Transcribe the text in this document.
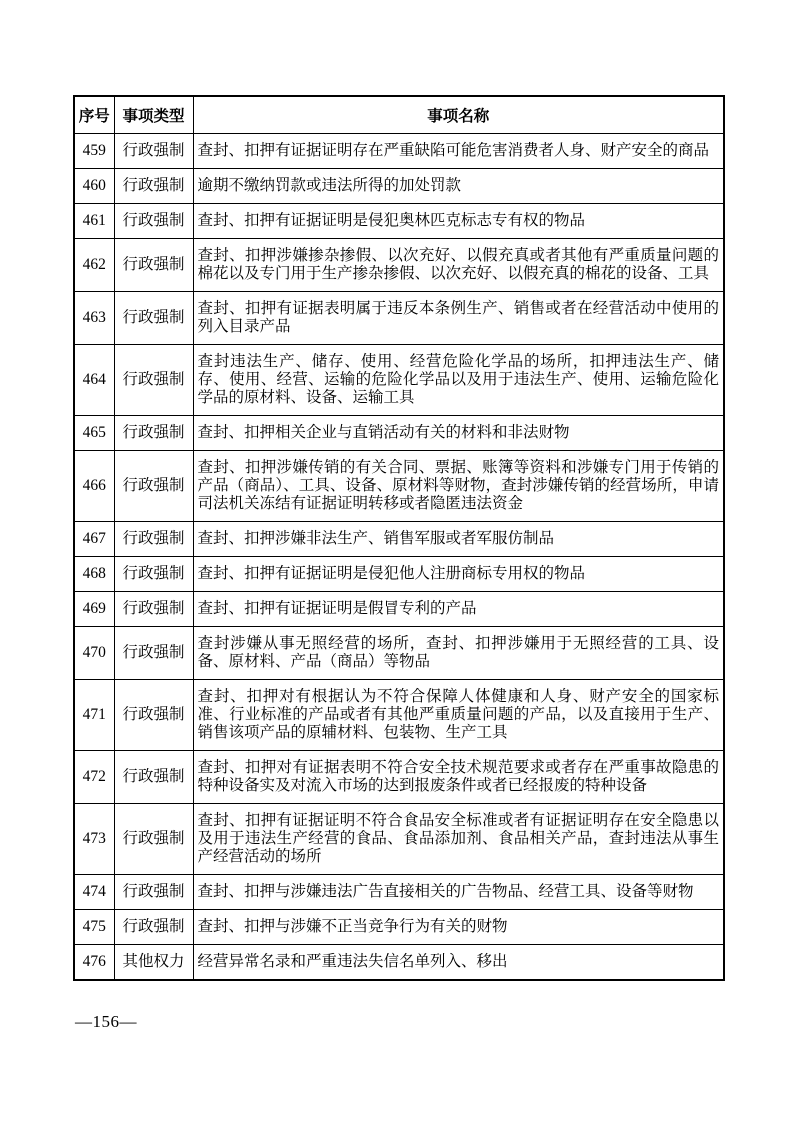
序号	事项类型	事项名称
459	行政强制	查封、扣押有证据证明存在严重缺陷可能危害消费者人身、财产安全的商品
460	行政强制	逾期不缴纳罚款或违法所得的加处罚款
461	行政强制	查封、扣押有证据证明是侵犯奥林匹克标志专有权的物品
462	行政强制	查封、扣押涉嫌掺杂掺假、以次充好、以假充真或者其他有严重质量问题的棉花以及专门用于生产掺杂掺假、以次充好、以假充真的棉花的设备、工具
463	行政强制	查封、扣押有证据表明属于违反本条例生产、销售或者在经营活动中使用的列入目录产品
464	行政强制	查封违法生产、储存、使用、经营危险化学品的场所，扣押违法生产、储存、使用、经营、运输的危险化学品以及用于违法生产、使用、运输危险化学品的原材料、设备、运输工具
465	行政强制	查封、扣押相关企业与直销活动有关的材料和非法财物
466	行政强制	查封、扣押涉嫌传销的有关合同、票据、账簿等资料和涉嫌专门用于传销的产品（商品）、工具、设备、原材料等财物，查封涉嫌传销的经营场所，申请司法机关冻结有证据证明转移或者隐匿违法资金
467	行政强制	查封、扣押涉嫌非法生产、销售军服或者军服仿制品
468	行政强制	查封、扣押有证据证明是侵犯他人注册商标专用权的物品
469	行政强制	查封、扣押有证据证明是假冒专利的产品
470	行政强制	查封涉嫌从事无照经营的场所，查封、扣押涉嫌用于无照经营的工具、设备、原材料、产品（商品）等物品
471	行政强制	查封、扣押对有根据认为不符合保障人体健康和人身、财产安全的国家标准、行业标准的产品或者有其他严重质量问题的产品，以及直接用于生产、销售该项产品的原辅材料、包装物、生产工具
472	行政强制	查封、扣押对有证据表明不符合安全技术规范要求或者存在严重事故隐患的特种设备实及对流入市场的达到报废条件或者已经报废的特种设备
473	行政强制	查封、扣押有证据证明不符合食品安全标准或者有证据证明存在安全隐患以及用于违法生产经营的食品、食品添加剂、食品相关产品，查封违法从事生产经营活动的场所
474	行政强制	查封、扣押与涉嫌违法广告直接相关的广告物品、经营工具、设备等财物
475	行政强制	查封、扣押与涉嫌不正当竞争行为有关的财物
476	其他权力	经营异常名录和严重违法失信名单列入、移出
—156—
